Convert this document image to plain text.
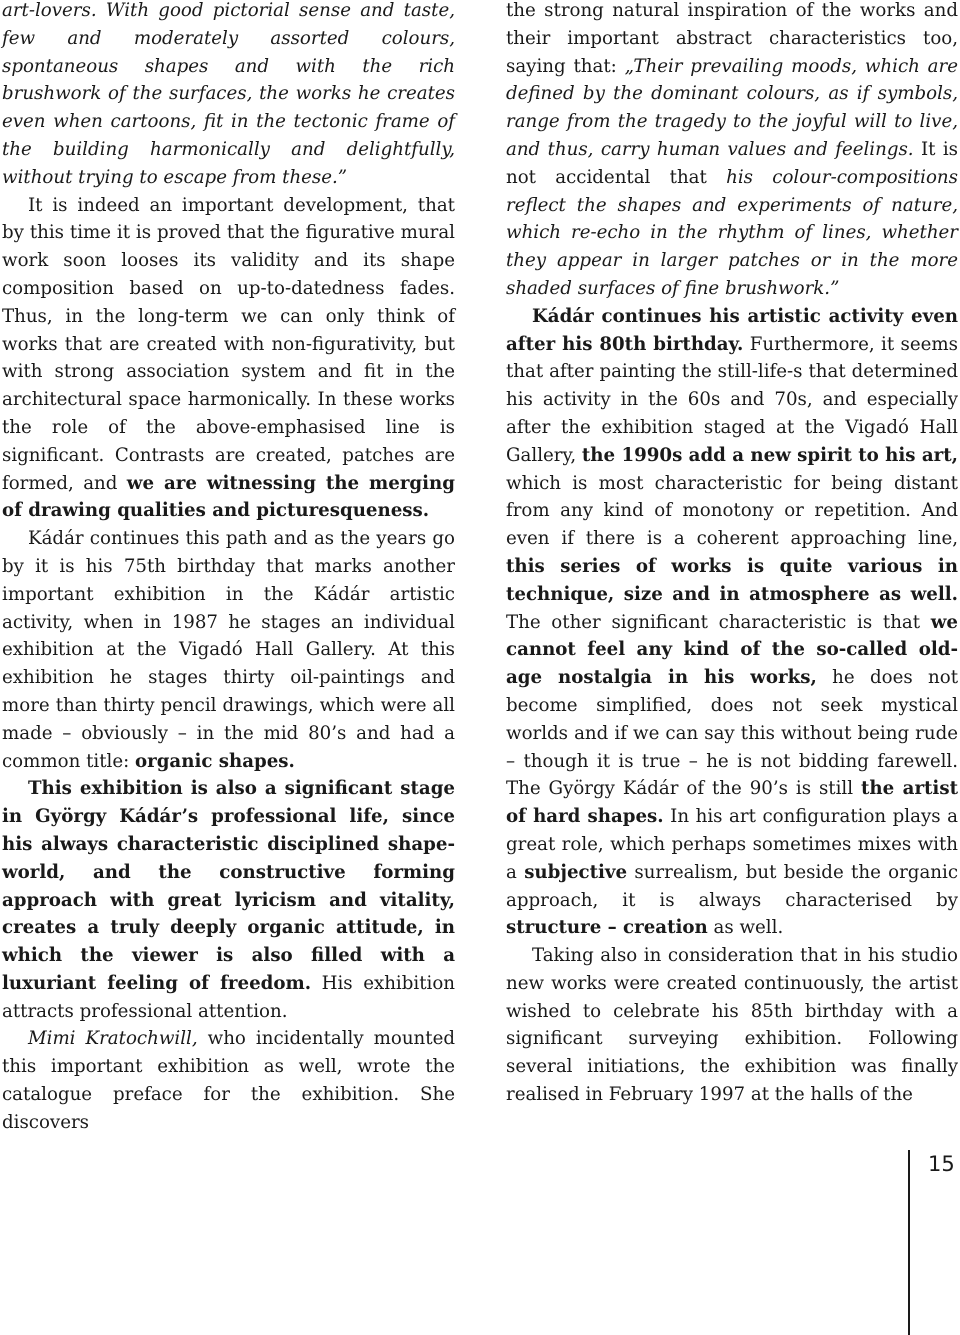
art-lovers. With good pictorial sense and taste, few and moderately assorted colours, spontaneous shapes and with the rich brushwork of the surfaces, the works he creates even when cartoons, fit in the tectonic frame of the building harmonically and delightfully, without trying to escape from these.”

It is indeed an important development, that by this time it is proved that the figurative mural work soon looses its validity and its shape composition based on up-to-datedness fades. Thus, in the long-term we can only think of works that are created with non-figurativity, but with strong association system and fit in the architectural space harmonically. In these works the role of the above-emphasised line is significant. Contrasts are created, patches are formed, and we are witnessing the merging of drawing qualities and picturesqueness.

Kádár continues this path and as the years go by it is his 75th birthday that marks another important exhibition in the Kádár artistic activity, when in 1987 he stages an individual exhibition at the Vigadó Hall Gallery. At this exhibition he stages thirty oil-paintings and more than thirty pencil drawings, which were all made – obviously – in the mid 80’s and had a common title: organic shapes.

This exhibition is also a significant stage in György Kádár’s professional life, since his always characteristic disciplined shape-world, and the constructive forming approach with great lyricism and vitality, creates a truly deeply organic attitude, in which the viewer is also filled with a luxuriant feeling of freedom. His exhibition attracts professional attention.

Mimi Kratochwill, who incidentally mounted this important exhibition as well, wrote the catalogue preface for the exhibition. She discovers

the strong natural inspiration of the works and their important abstract characteristics too, saying that: „Their prevailing moods, which are defined by the dominant colours, as if symbols, range from the tragedy to the joyful will to live, and thus, carry human values and feelings. It is not accidental that his colour-compositions reflect the shapes and experiments of nature, which re-echo in the rhythm of lines, whether they appear in larger patches or in the more shaded surfaces of fine brushwork.”

Kádár continues his artistic activity even after his 80th birthday. Furthermore, it seems that after painting the still-life-s that determined his activity in the 60s and 70s, and especially after the exhibition staged at the Vigadó Hall Gallery, the 1990s add a new spirit to his art, which is most characteristic for being distant from any kind of monotony or repetition. And even if there is a coherent approaching line, this series of works is quite various in technique, size and in atmosphere as well. The other significant characteristic is that we cannot feel any kind of the so-called old-age nostalgia in his works, he does not become simplified, does not seek mystical worlds and if we can say this without being rude – though it is true – he is not bidding farewell. The György Kádár of the 90’s is still the artist of hard shapes. In his art configuration plays a great role, which perhaps sometimes mixes with a subjective surrealism, but beside the organic approach, it is always characterised by structure – creation as well.

Taking also in consideration that in his studio new works were created continuously, the artist wished to celebrate his 85th birthday with a significant surveying exhibition. Following several initiations, the exhibition was finally realised in February 1997 at the halls of the

15
